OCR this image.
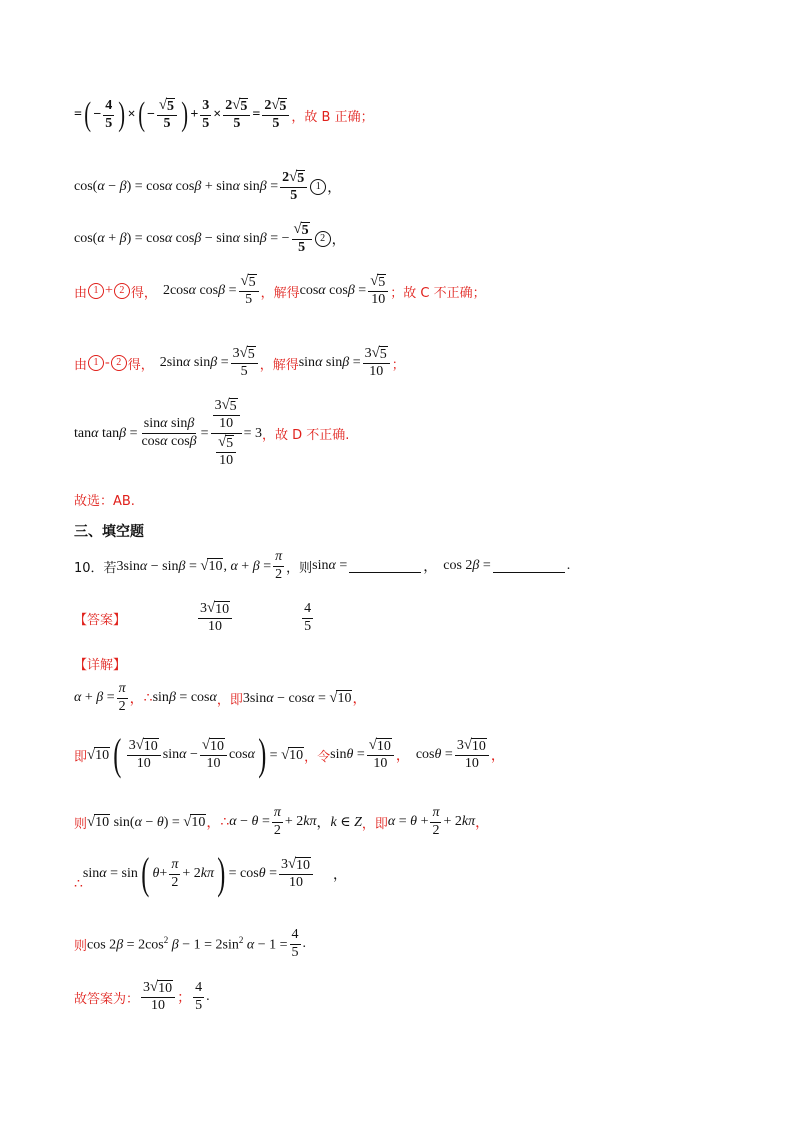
= ( − $\frac{4}{5}$ ) × ( − $\frac{√ 5}{5}$ ) + $\frac{3}{5} \times \frac{2 √ 5}{5} = \frac{2 √ 5}{5}$ ，故 B 正确；
cos(α − β) = cosα cosβ + sinα $\sin\beta = \frac{2 √ 5}{5} 1$ ，
cos(α + β) = cosα cosβ − sinα sinβ = − $\frac{√ 5}{5} 2$ ，
由 1 + 2 得， 2cosα $\cos\beta = \frac{√ 5}{5}$ ，解得 cosα $\cos\beta = \frac{√ 5}{10}$ ；故 C 不正确；
由 1 - 2 得， 2sinα $\sin\beta = \frac{3 √ 5}{5}$ ，解得 sinα $\sin\beta = \frac{3 √ 5}{10}$ ；
tanα $\tan\beta = \frac{\text{sinα sinβ}}{\text{cosα cosβ}} = \frac{\frac{3 √ 5}{10}}{\frac{√ 5}{10}} = 3$ ，故 D 不正确.
故选：AB.
三、填空题
10．若 3sinα − sinβ = √ 10 , $\alpha + \beta = \frac{\pi}{2}$ ，则 sinα =	， cos 2β =	.
【答案】	$\frac{3 √ 10}{10}$	$\frac{4}{5}$
【详解】
$\alpha + \beta = \frac{\pi}{2}$ ， ∴ sinβ = cosα ，即 3sinα − cosα = √ 10 ，
即 √ 10 ( $\frac{3 √ 10}{10}$ $\sin\alpha - \frac{√ 10}{10}$ cosα ) = √ 10 ，令 $\sin\theta = \frac{√ 10}{10}$ ， $\cos\theta = \frac{3 √ 10}{10}$ ，
则 √ 10 sin(α − θ) = √ 10 ， ∴ $\alpha - \theta = \frac{\pi}{2} + 2k\pi$ ， k ∈ Z ，即 $\alpha = \theta + \frac{\pi}{2} + 2k\pi$ ，
∴
sinα = sin ( $\theta + \frac{\pi}{2} + 2k\pi$ ) = $\cos\theta = \frac{3 √ 10}{10}$ ，
则 $\cos 2\beta = 2\cos^2$ $\beta - 1 = 2\sin^2$ $\alpha - 1 = \frac{4}{5}$ .
故答案为： $\frac{3 √ 10}{10}$ ； $\frac{4}{5}$ .
